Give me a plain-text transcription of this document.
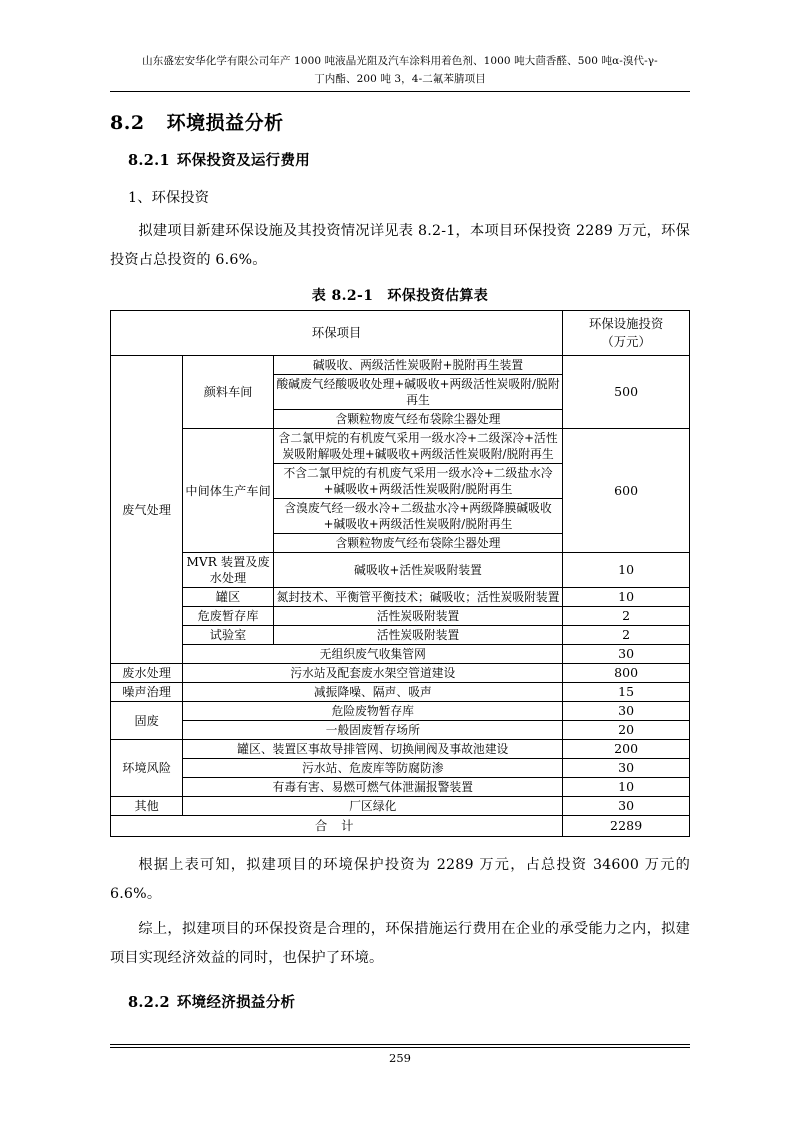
山东盛宏安华化学有限公司年产 1000 吨液晶光阻及汽车涂料用着色剂、1000 吨大茴香醛、500 吨α-溴代-γ-
丁内酯、200 吨 3，4-二氟苯腈项目
8.2 环境损益分析
8.2.1 环保投资及运行费用

1、环保投资

拟建项目新建环保设施及其投资情况详见表 8.2-1，本项目环保投资 2289 万元，环保投资占总投资的 6.6%。

表 8.2-1 环保投资估算表
环保项目			环保设施投资
（万元）

废气处理	颜料车间	碱吸收、两级活性炭吸附+脱附再生装置	500
		酸碱废气经酸吸收处理+碱吸收+两级活性炭吸附/脱附再生	
		含颗粒物废气经布袋除尘器处理	
	中间体生产车间	含二氯甲烷的有机废气采用一级水冷+二级深冷+活性炭吸附解吸处理+碱吸收+两级活性炭吸附/脱附再生	600
		不含二氯甲烷的有机废气采用一级水冷+二级盐水冷+碱吸收+两级活性炭吸附/脱附再生	
		含溴废气经一级水冷+二级盐水冷+两级降膜碱吸收+碱吸收+两级活性炭吸附/脱附再生	
		含颗粒物废气经布袋除尘器处理	
	MVR 装置及废水处理	碱吸收+活性炭吸附装置	10
	罐区	氮封技术、平衡管平衡技术；碱吸收；活性炭吸附装置	10
	危废暂存库	活性炭吸附装置	2
	试验室	活性炭吸附装置	2
	无组织废气收集管网		30
废水处理	污水站及配套废水架空管道建设		800
噪声治理	减振降噪、隔声、吸声		15
固废	危险废物暂存库		30
	一般固废暂存场所		20
环境风险	罐区、装置区事故导排管网、切换闸阀及事故池建设		200
	污水站、危废库等防腐防渗		30
	有毒有害、易燃可燃气体泄漏报警装置		10
其他	厂区绿化		30
合 计			2289

根据上表可知，拟建项目的环境保护投资为 2289 万元，占总投资 34600 万元的 6.6%。

综上，拟建项目的环保投资是合理的，环保措施运行费用在企业的承受能力之内，拟建项目实现经济效益的同时，也保护了环境。

8.2.2 环境经济损益分析
259
